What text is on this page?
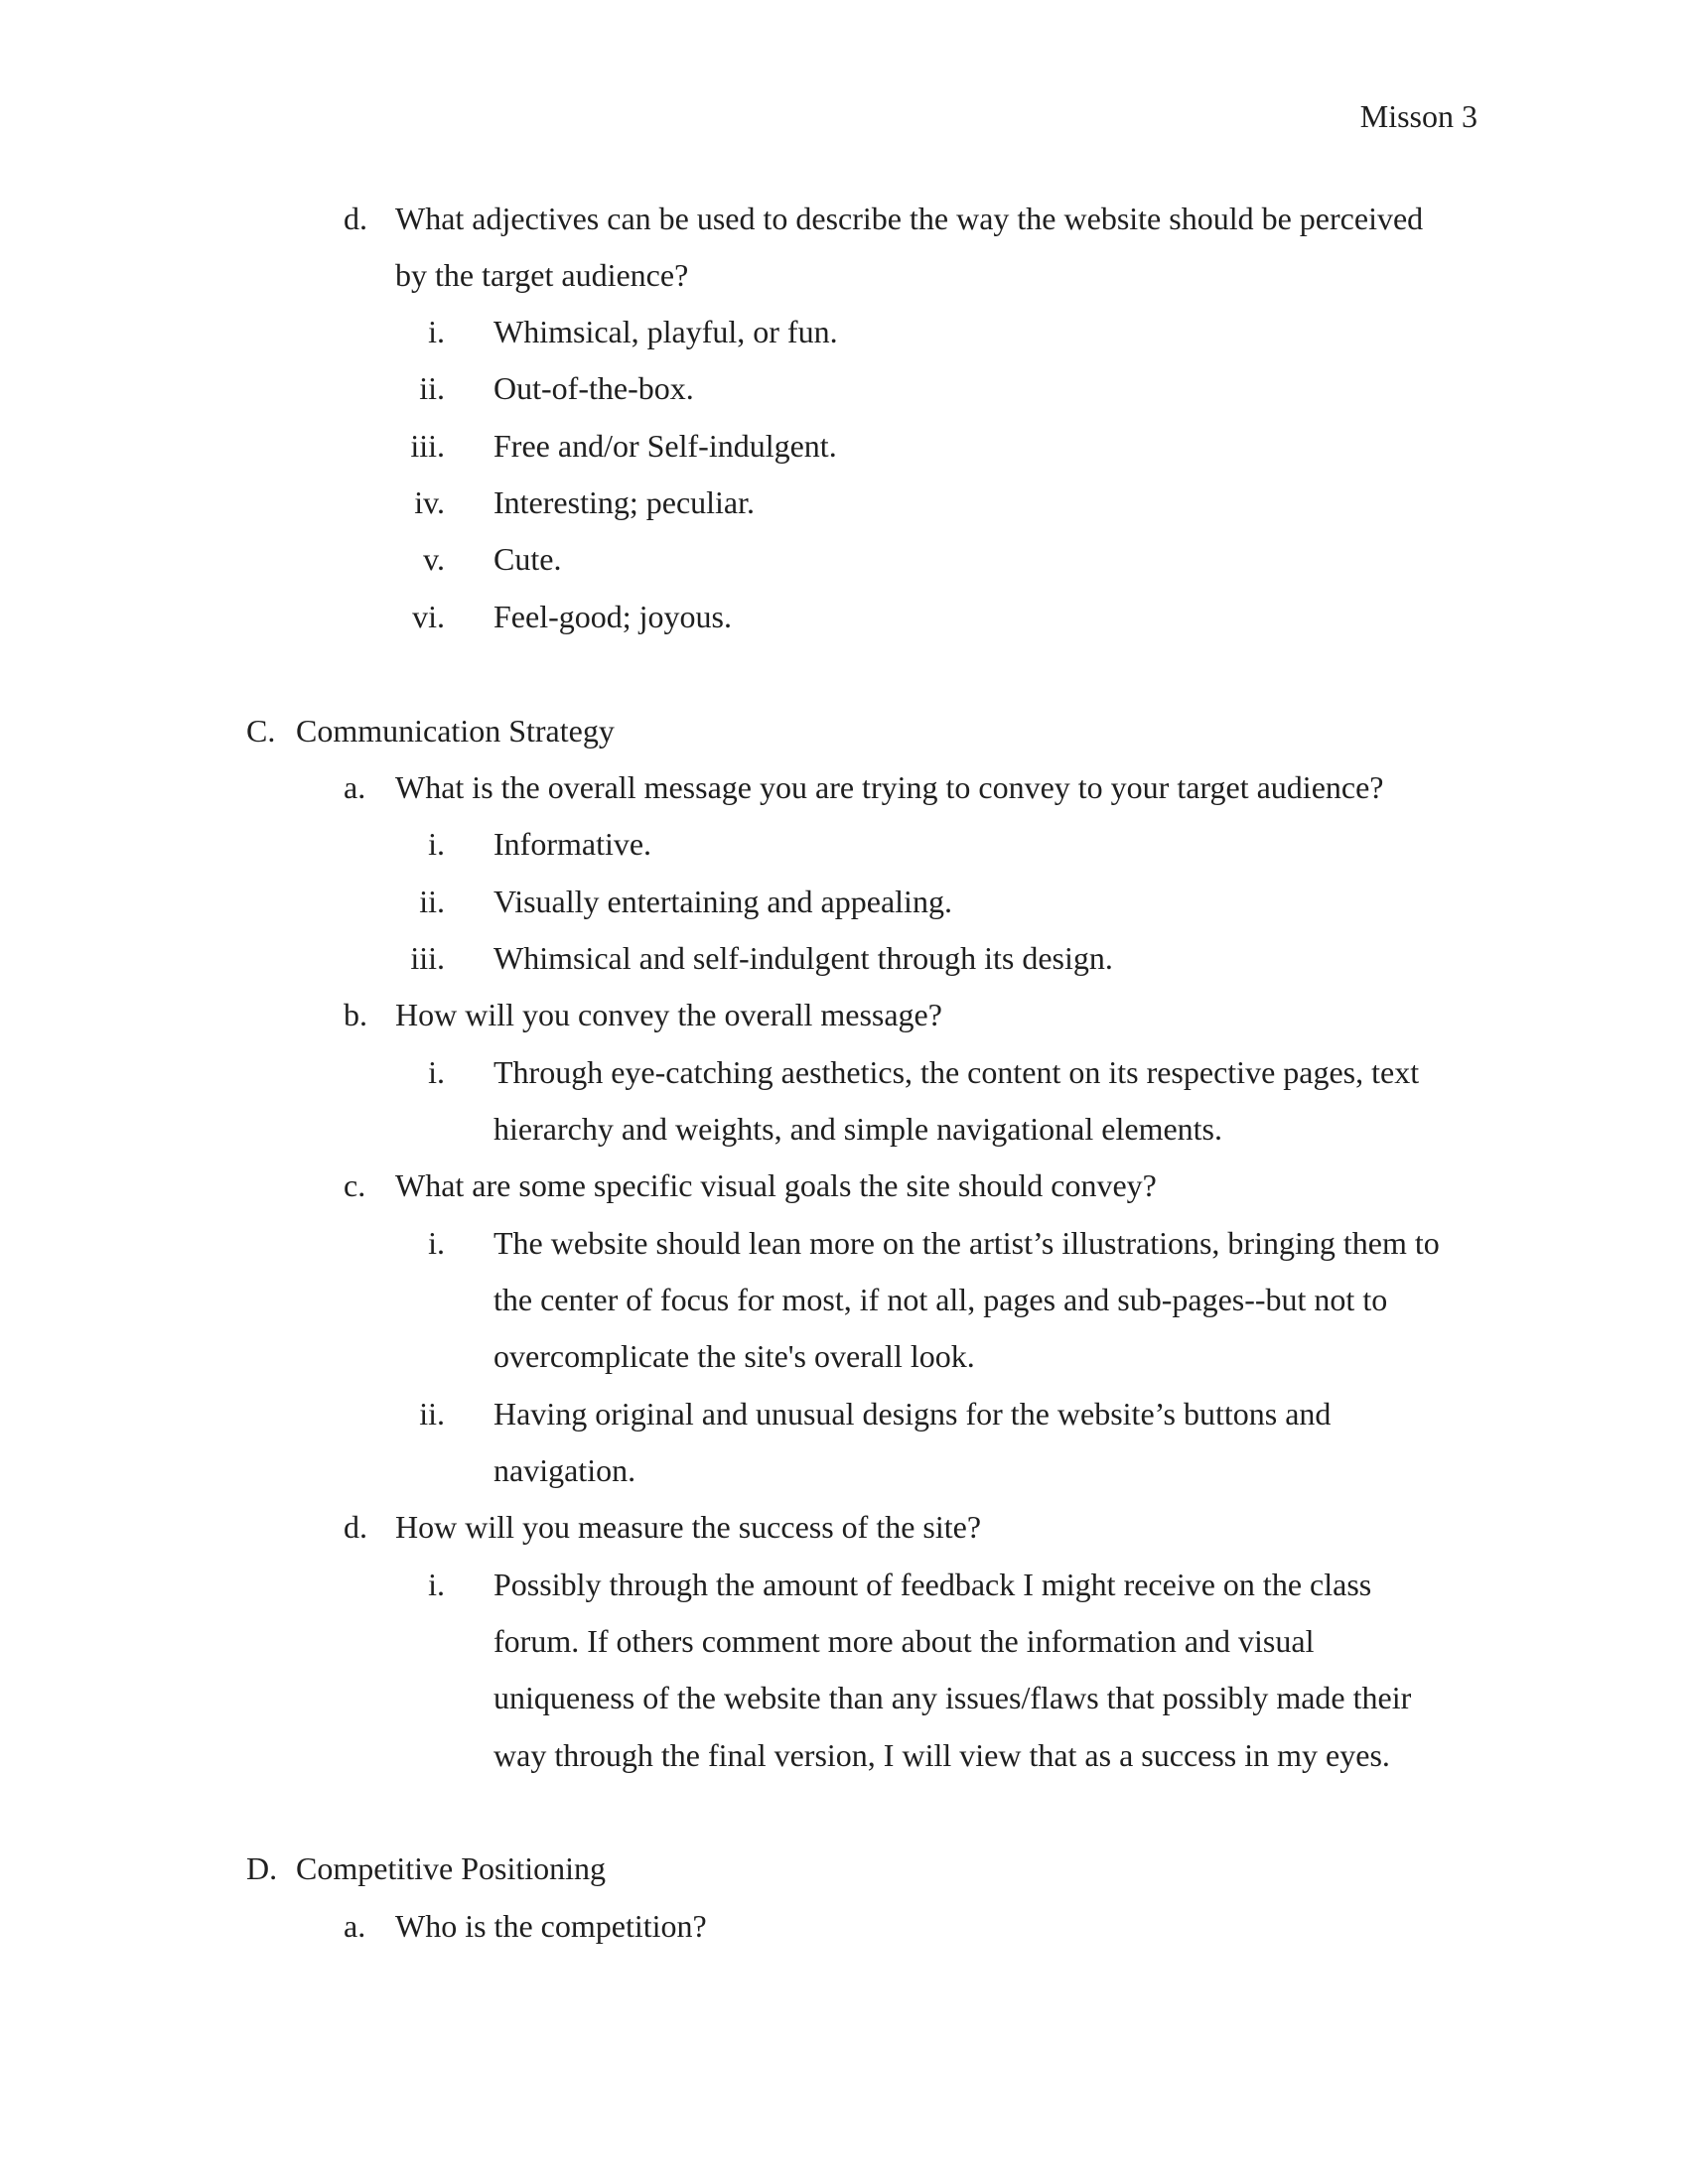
Misson 3
d. What adjectives can be used to describe the way the website should be perceived
by the target audience?
i. Whimsical, playful, or fun.
ii. Out-of-the-box.
iii. Free and/or Self-indulgent.
iv. Interesting; peculiar.
v. Cute.
vi. Feel-good; joyous.
C. Communication Strategy
a. What is the overall message you are trying to convey to your target audience?
i. Informative.
ii. Visually entertaining and appealing.
iii. Whimsical and self-indulgent through its design.
b. How will you convey the overall message?
i. Through eye-catching aesthetics, the content on its respective pages, text
hierarchy and weights, and simple navigational elements.
c. What are some specific visual goals the site should convey?
i. The website should lean more on the artist’s illustrations, bringing them to
the center of focus for most, if not all, pages and sub-pages--but not to
overcomplicate the site's overall look.
ii. Having original and unusual designs for the website’s buttons and
navigation.
d. How will you measure the success of the site?
i. Possibly through the amount of feedback I might receive on the class
forum. If others comment more about the information and visual
uniqueness of the website than any issues/flaws that possibly made their
way through the final version, I will view that as a success in my eyes.
D. Competitive Positioning
a. Who is the competition?
